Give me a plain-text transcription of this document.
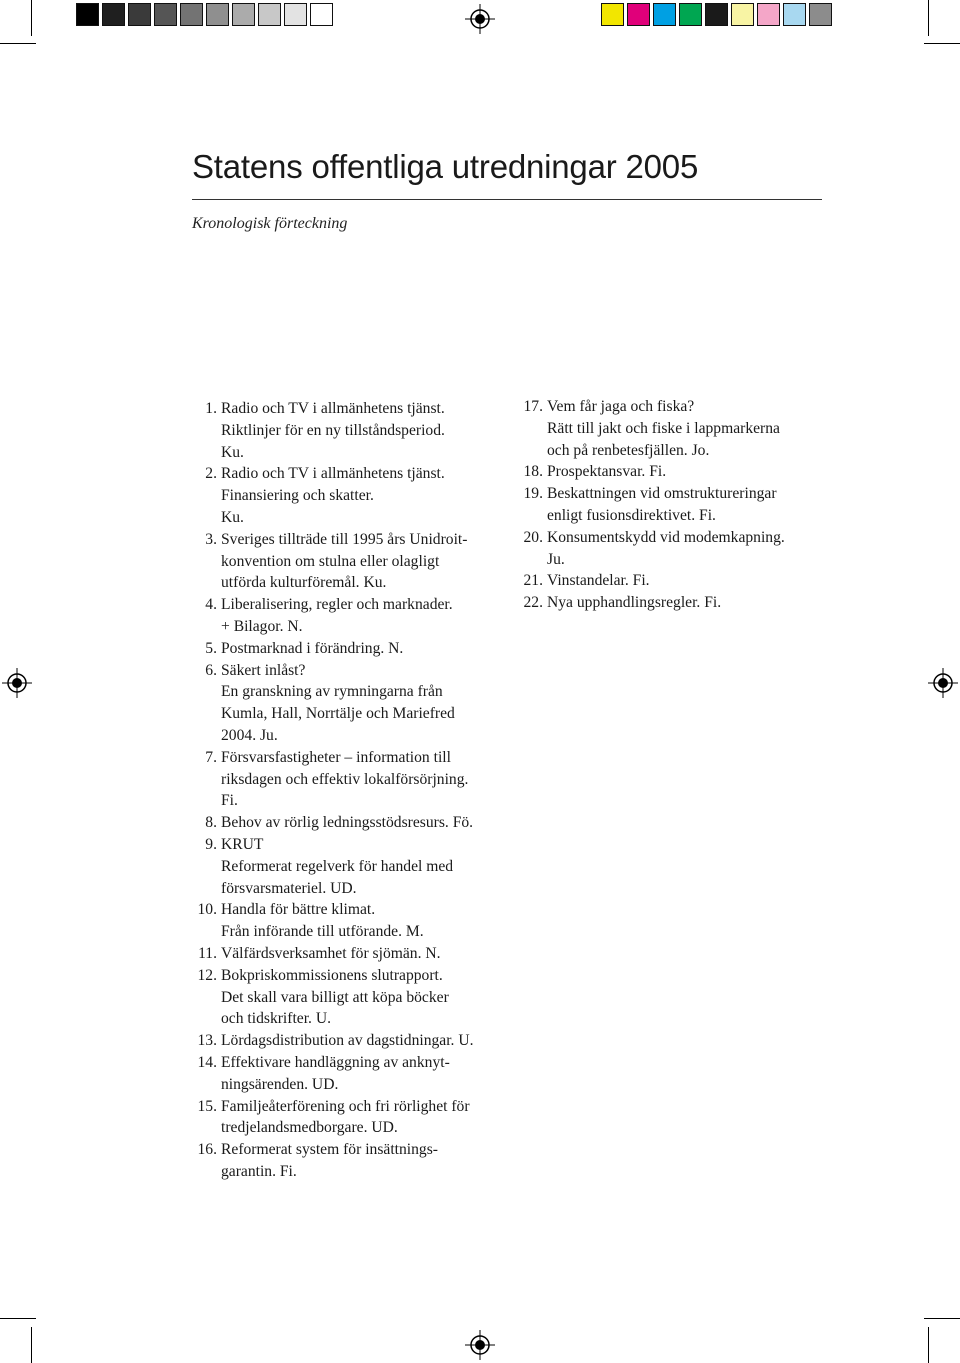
Statens offentliga utredningar 2005
Kronologisk förteckning
1. Radio och TV i allmänhetens tjänst.
Riktlinjer för en ny tillståndsperiod.
Ku.
2. Radio och TV i allmänhetens tjänst.
Finansiering och skatter.
Ku.
3. Sveriges tillträde till 1995 års Unidroit-
konvention om stulna eller olagligt
utförda kulturföremål. Ku.
4. Liberalisering, regler och marknader.
+ Bilagor. N.
5. Postmarknad i förändring. N.
6. Säkert inlåst?
En granskning av rymningarna från
Kumla, Hall, Norrtälje och Mariefred
2004. Ju.
7. Försvarsfastigheter – information till
riksdagen och effektiv lokalförsörjning.
Fi.
8. Behov av rörlig ledningsstödsresurs. Fö.
9. KRUT
Reformerat regelverk för handel med
försvarsmateriel. UD.
10. Handla för bättre klimat.
Från införande till utförande. M.
11. Välfärdsverksamhet för sjömän. N.
12. Bokpriskommissionens slutrapport.
Det skall vara billigt att köpa böcker
och tidskrifter. U.
13. Lördagsdistribution av dagstidningar. U.
14. Effektivare handläggning av anknyt-
ningsärenden. UD.
15. Familjeåterförening och fri rörlighet för
tredjelandsmedborgare. UD.
16. Reformerat system för insättnings-
garantin. Fi.
17. Vem får jaga och fiska?
Rätt till jakt och fiske i lappmarkerna
och på renbetesfjällen. Jo.
18. Prospektansvar. Fi.
19. Beskattningen vid omstruktureringar
enligt fusionsdirektivet. Fi.
20. Konsumentskydd vid modemkapning.
Ju.
21. Vinstandelar. Fi.
22. Nya upphandlingsregler. Fi.
